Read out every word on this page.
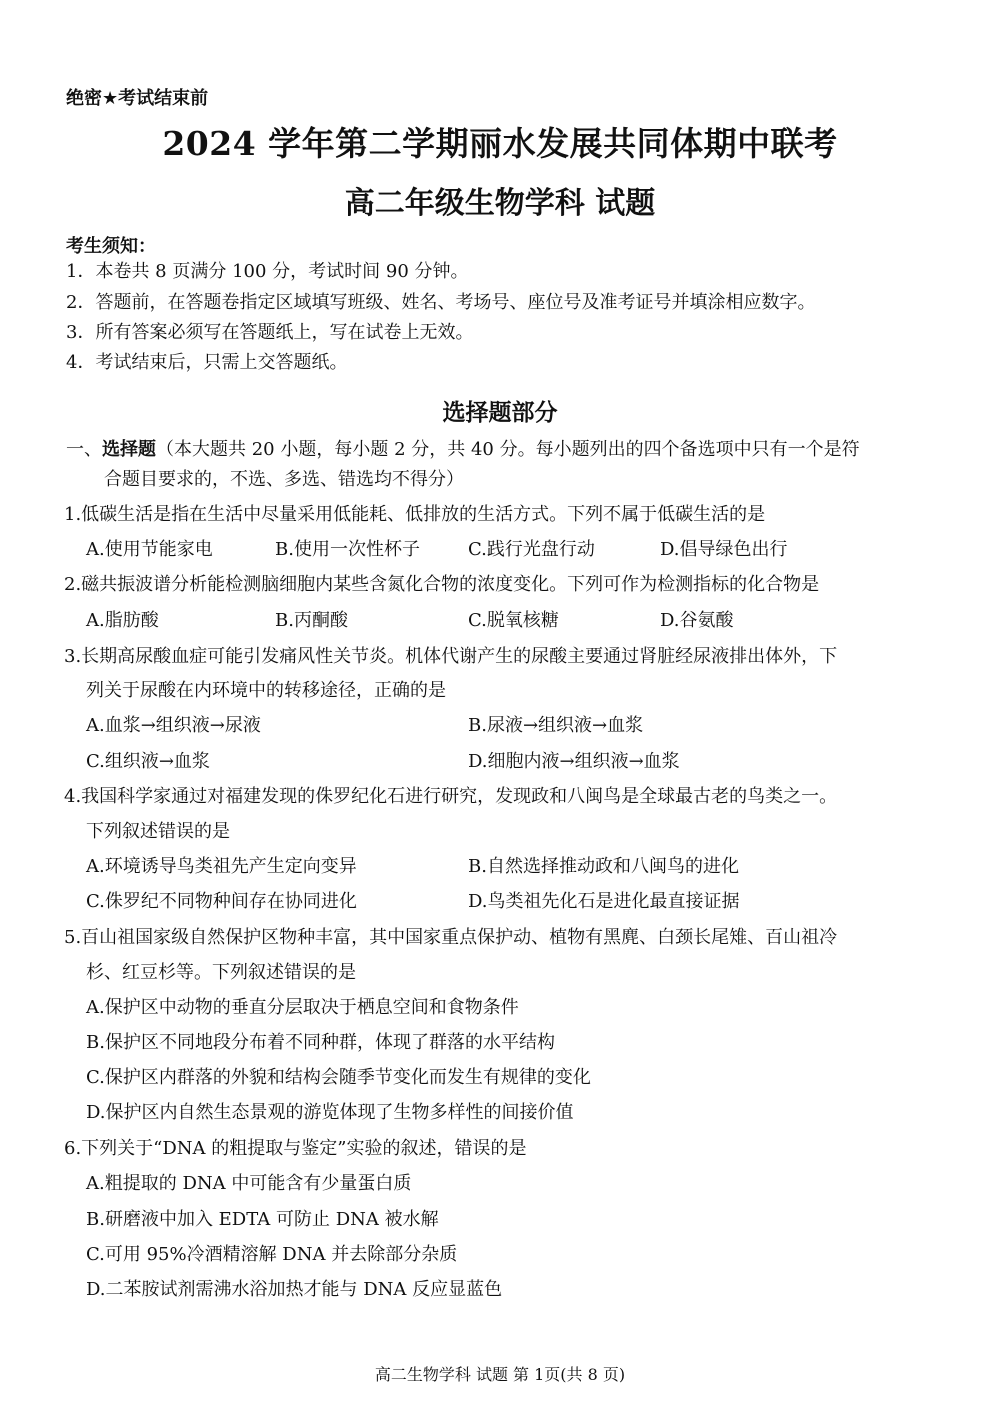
绝密★考试结束前
2024 学年第二学期丽水发展共同体期中联考
高二年级生物学科 试题
考生须知：
1．本卷共 8 页满分 100 分，考试时间 90 分钟。
2．答题前，在答题卷指定区域填写班级、姓名、考场号、座位号及准考证号并填涂相应数字。
3．所有答案必须写在答题纸上，写在试卷上无效。
4．考试结束后，只需上交答题纸。
选择题部分
一、选择题（本大题共 20 小题，每小题 2 分，共 40 分。每小题列出的四个备选项中只有一个是符
合题目要求的，不选、多选、错选均不得分）
1.低碳生活是指在生活中尽量采用低能耗、低排放的生活方式。下列不属于低碳生活的是
A.使用节能家电	B.使用一次性杯子	C.践行光盘行动	D.倡导绿色出行
2.磁共振波谱分析能检测脑细胞内某些含氮化合物的浓度变化。下列可作为检测指标的化合物是
A.脂肪酸	B.丙酮酸	C.脱氧核糖	D.谷氨酸
3.长期高尿酸血症可能引发痛风性关节炎。机体代谢产生的尿酸主要通过肾脏经尿液排出体外，下
列关于尿酸在内环境中的转移途径，正确的是
A.血浆→组织液→尿液	B.尿液→组织液→血浆
C.组织液→血浆	D.细胞内液→组织液→血浆
4.我国科学家通过对福建发现的侏罗纪化石进行研究，发现政和八闽鸟是全球最古老的鸟类之一。
下列叙述错误的是
A.环境诱导鸟类祖先产生定向变异	B.自然选择推动政和八闽鸟的进化
C.侏罗纪不同物种间存在协同进化	D.鸟类祖先化石是进化最直接证据
5.百山祖国家级自然保护区物种丰富，其中国家重点保护动、植物有黑麂、白颈长尾雉、百山祖冷
杉、红豆杉等。下列叙述错误的是
A.保护区中动物的垂直分层取决于栖息空间和食物条件
B.保护区不同地段分布着不同种群，体现了群落的水平结构
C.保护区内群落的外貌和结构会随季节变化而发生有规律的变化
D.保护区内自然生态景观的游览体现了生物多样性的间接价值
6.下列关于“DNA 的粗提取与鉴定”实验的叙述，错误的是
A.粗提取的 DNA 中可能含有少量蛋白质
B.研磨液中加入 EDTA 可防止 DNA 被水解
C.可用 95%冷酒精溶解 DNA 并去除部分杂质
D.二苯胺试剂需沸水浴加热才能与 DNA 反应显蓝色
高二生物学科 试题 第 1页(共 8 页)
